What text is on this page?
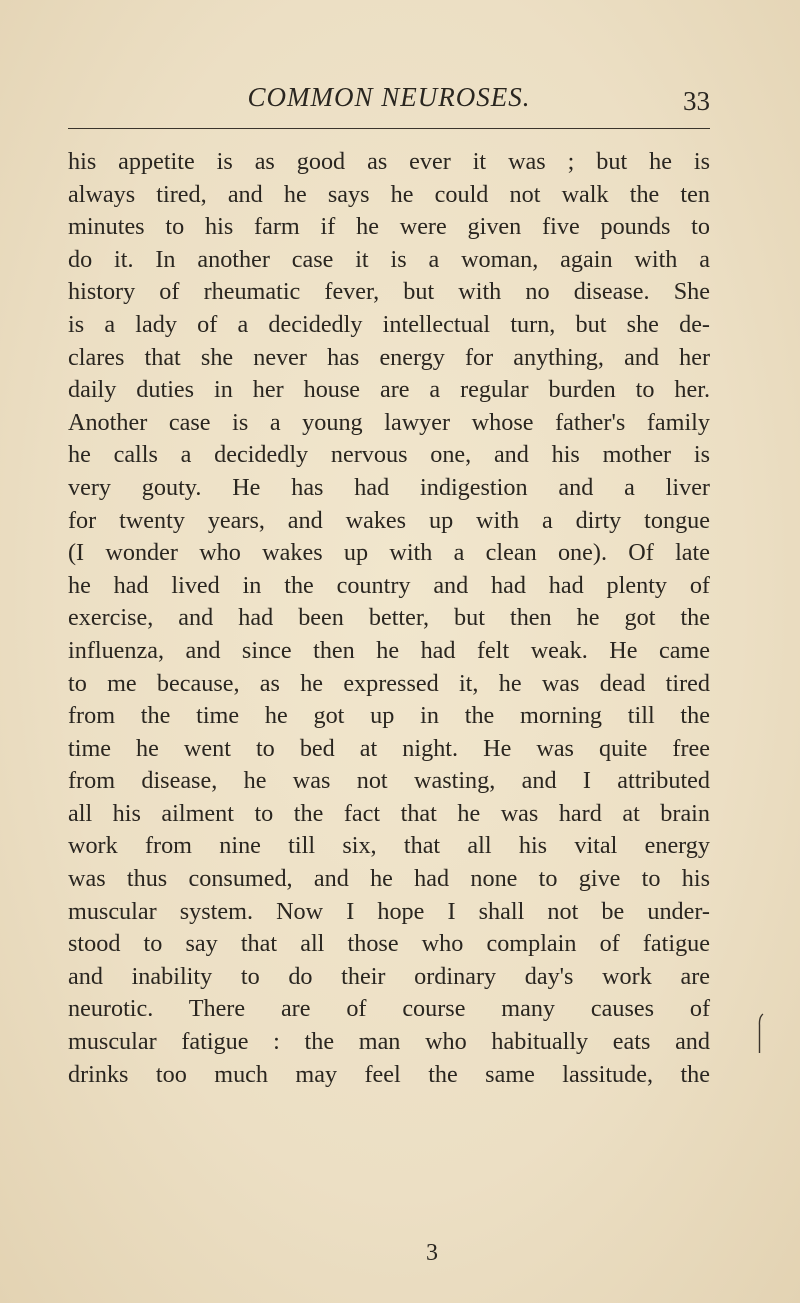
COMMON NEUROSES.	33
his appetite is as good as ever it was ; but he is
always tired, and he says he could not walk the ten
minutes to his farm if he were given five pounds to
do it. In another case it is a woman, again with a
history of rheumatic fever, but with no disease. She
is a lady of a decidedly intellectual turn, but she de-
clares that she never has energy for anything, and her
daily duties in her house are a regular burden to her.
Another case is a young lawyer whose father's family
he calls a decidedly nervous one, and his mother is
very gouty. He has had indigestion and a liver
for twenty years, and wakes up with a dirty tongue
(I wonder who wakes up with a clean one). Of late
he had lived in the country and had had plenty of
exercise, and had been better, but then he got the
influenza, and since then he had felt weak. He came
to me because, as he expressed it, he was dead tired
from the time he got up in the morning till the
time he went to bed at night. He was quite free
from disease, he was not wasting, and I attributed
all his ailment to the fact that he was hard at brain
work from nine till six, that all his vital energy
was thus consumed, and he had none to give to his
muscular system. Now I hope I shall not be under-
stood to say that all those who complain of fatigue
and inability to do their ordinary day's work are
neurotic. There are of course many causes of
muscular fatigue : the man who habitually eats and
drinks too much may feel the same lassitude, the
3
